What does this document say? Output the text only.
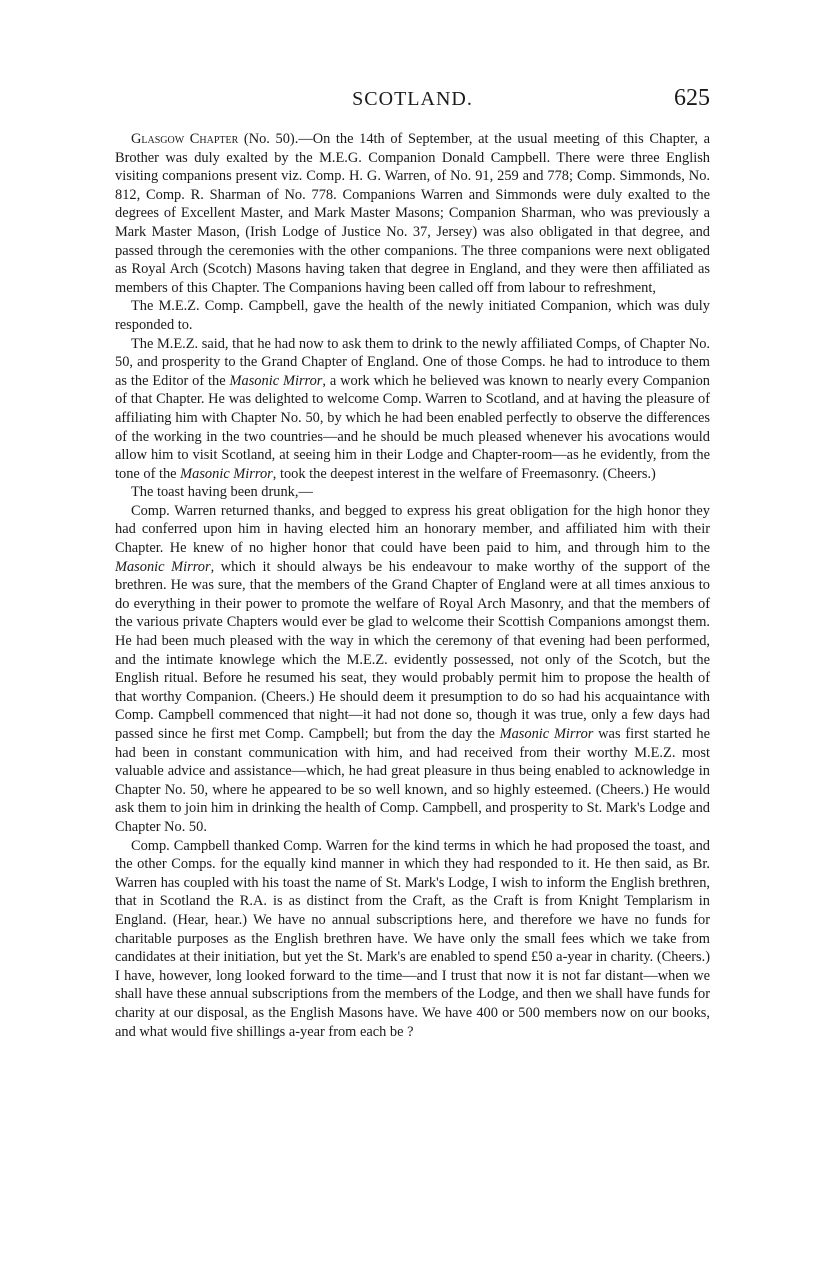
SCOTLAND.	625

Glasgow Chapter (No. 50).—On the 14th of September, at the usual meeting of this Chapter, a Brother was duly exalted by the M.E.G. Companion Donald Campbell. There were three English visiting companions present viz. Comp. H. G. Warren, of No. 91, 259 and 778; Comp. Simmonds, No. 812, Comp. R. Sharman of No. 778. Companions Warren and Simmonds were duly exalted to the degrees of Excellent Master, and Mark Master Masons; Companion Sharman, who was previously a Mark Master Mason, (Irish Lodge of Justice No. 37, Jersey) was also obligated in that degree, and passed through the ceremonies with the other companions. The three companions were next obligated as Royal Arch (Scotch) Masons having taken that degree in England, and they were then affiliated as members of this Chapter. The Companions having been called off from labour to refreshment,

The M.E.Z. Comp. Campbell, gave the health of the newly initiated Companion, which was duly responded to.

The M.E.Z. said, that he had now to ask them to drink to the newly affiliated Comps, of Chapter No. 50, and prosperity to the Grand Chapter of England. One of those Comps. he had to introduce to them as the Editor of the Masonic Mirror, a work which he believed was known to nearly every Companion of that Chapter. He was delighted to welcome Comp. Warren to Scotland, and at having the pleasure of affiliating him with Chapter No. 50, by which he had been enabled perfectly to observe the differences of the working in the two countries—and he should be much pleased whenever his avocations would allow him to visit Scotland, at seeing him in their Lodge and Chapter-room—as he evidently, from the tone of the Masonic Mirror, took the deepest interest in the welfare of Freemasonry. (Cheers.)

The toast having been drunk,—

Comp. Warren returned thanks, and begged to express his great obligation for the high honor they had conferred upon him in having elected him an honorary member, and affiliated him with their Chapter. He knew of no higher honor that could have been paid to him, and through him to the Masonic Mirror, which it should always be his endeavour to make worthy of the support of the brethren. He was sure, that the members of the Grand Chapter of England were at all times anxious to do everything in their power to promote the welfare of Royal Arch Masonry, and that the members of the various private Chapters would ever be glad to welcome their Scottish Companions amongst them. He had been much pleased with the way in which the ceremony of that evening had been performed, and the intimate knowlege which the M.E.Z. evidently possessed, not only of the Scotch, but the English ritual. Before he resumed his seat, they would probably permit him to propose the health of that worthy Companion. (Cheers.) He should deem it presumption to do so had his acquaintance with Comp. Campbell commenced that night—it had not done so, though it was true, only a few days had passed since he first met Comp. Campbell; but from the day the Masonic Mirror was first started he had been in constant communication with him, and had received from their worthy M.E.Z. most valuable advice and assistance—which, he had great pleasure in thus being enabled to acknowledge in Chapter No. 50, where he appeared to be so well known, and so highly esteemed. (Cheers.) He would ask them to join him in drinking the health of Comp. Campbell, and prosperity to St. Mark's Lodge and Chapter No. 50.

Comp. Campbell thanked Comp. Warren for the kind terms in which he had proposed the toast, and the other Comps. for the equally kind manner in which they had responded to it. He then said, as Br. Warren has coupled with his toast the name of St. Mark's Lodge, I wish to inform the English brethren, that in Scotland the R.A. is as distinct from the Craft, as the Craft is from Knight Templarism in England. (Hear, hear.) We have no annual subscriptions here, and therefore we have no funds for charitable purposes as the English brethren have. We have only the small fees which we take from candidates at their initiation, but yet the St. Mark's are enabled to spend £50 a-year in charity. (Cheers.) I have, however, long looked forward to the time—and I trust that now it is not far distant—when we shall have these annual subscriptions from the members of the Lodge, and then we shall have funds for charity at our disposal, as the English Masons have. We have 400 or 500 members now on our books, and what would five shillings a-year from each be ?
